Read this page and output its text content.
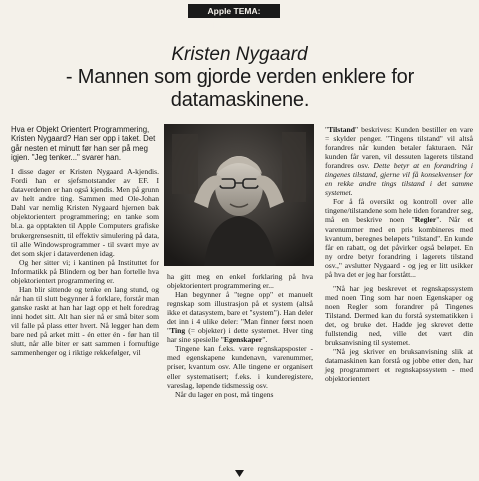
Apple TEMA: Innovasjon
Kristen Nygaard
- Mannen som gjorde verden enklere for datamaskinene.

Hva er Objekt Orientert Programmering, Kristen Nygaard? Han ser opp i taket. Det går nesten et minutt før han ser på meg igjen. "Jeg tenker..." svarer han.

I disse dager er Kristen Nygaard A-kjendis. Fordi han er sjefsmotstander av EF. I dataverdenen er han også kjendis. Men på grunn av helt andre ting. Sammen med Ole-Johan Dahl var nemlig Kristen Nygaard hjernen bak objektorientert programmering; en tanke som bl.a. ga opptakten til Apple Computers grafiske brukergrensesnitt, til effektiv simulering på data, til alle Windowsprogrammer - til svært mye av det som skjer i dataverdenen idag.

Og her sitter vi; i kantinen på Instituttet for Informatikk på Blindern og ber han fortelle hva objektorientert programmering er.

Han blir sittende og tenke en lang stund, og når han til slutt begynner å forklare, forstår man ganske raskt at han har lagt opp et helt foredrag inni hodet sitt. Alt han sier nå er små biter som vil falle på plass etter hvert. Nå legger han dem bare ned på arket mitt - én etter én - før han til slutt, når alle biter er satt sammen i fornuftige sammenhenger og i riktige rekkefølger, vil

ha gitt meg en enkel forklaring på hva objektorientert programmering er...

Han begynner å "tegne opp" et manuelt regnskap som illustrasjon på et system (altså ikke et datasystem, bare et "system"). Han deler det inn i 4 ulike deler: "Man finner først noen "Ting (= objekter) i dette systemet. Hver ting har sine spesielle "Egenskaper".

Tingene kan f.eks. være regnskapsposter - med egenskapene kundenavn, varenummer, priser, kvantum osv. Alle tingene er organisert eller systematisert; f.eks. i kunderegistere, vareslag, løpende tidsmessig osv.

Når du lager en post, må tingens

"Tilstand" beskrives: Kunden bestiller en vare = skylder penger. "Tingens tilstand" vil altså forandres når kunden betaler fakturaen. Når kunden får varen, vil dessuten lagerets tilstand forandres osv. Dette betyr at en forandring i tingenes tilstand, gjerne vil få konsekvenser for en rekke andre tings tilstand i det samme systemet.

For å få oversikt og kontroll over alle tingene/tilstandene som hele tiden forandrer seg, må en beskrive noen "Regler". Når et varenummer med en pris kombineres med kvantum, beregnes beløpets "tilstand". En kunde får en rabatt, og det påvirker også beløpet. En ny ordre betyr forandring i lagerets tilstand osv.," avslutter Nygaard - og jeg er litt usikker på hva det er jeg har forstått...

"Nå har jeg beskrevet et regnskapssystem med noen Ting som har noen Egenskaper og noen Regler som forandrer på Tingenes Tilstand. Dermed kan du forstå systematikken i det, og bruke det. Hadde jeg skrevet dette fullstendig ned, ville det vært din bruksanvisning til systemet.

"Nå jeg skriver en bruksanvisning slik at datamaskinen kan forstå og jobbe etter den, har jeg programmert et regnskapssystem - med objektorientert
